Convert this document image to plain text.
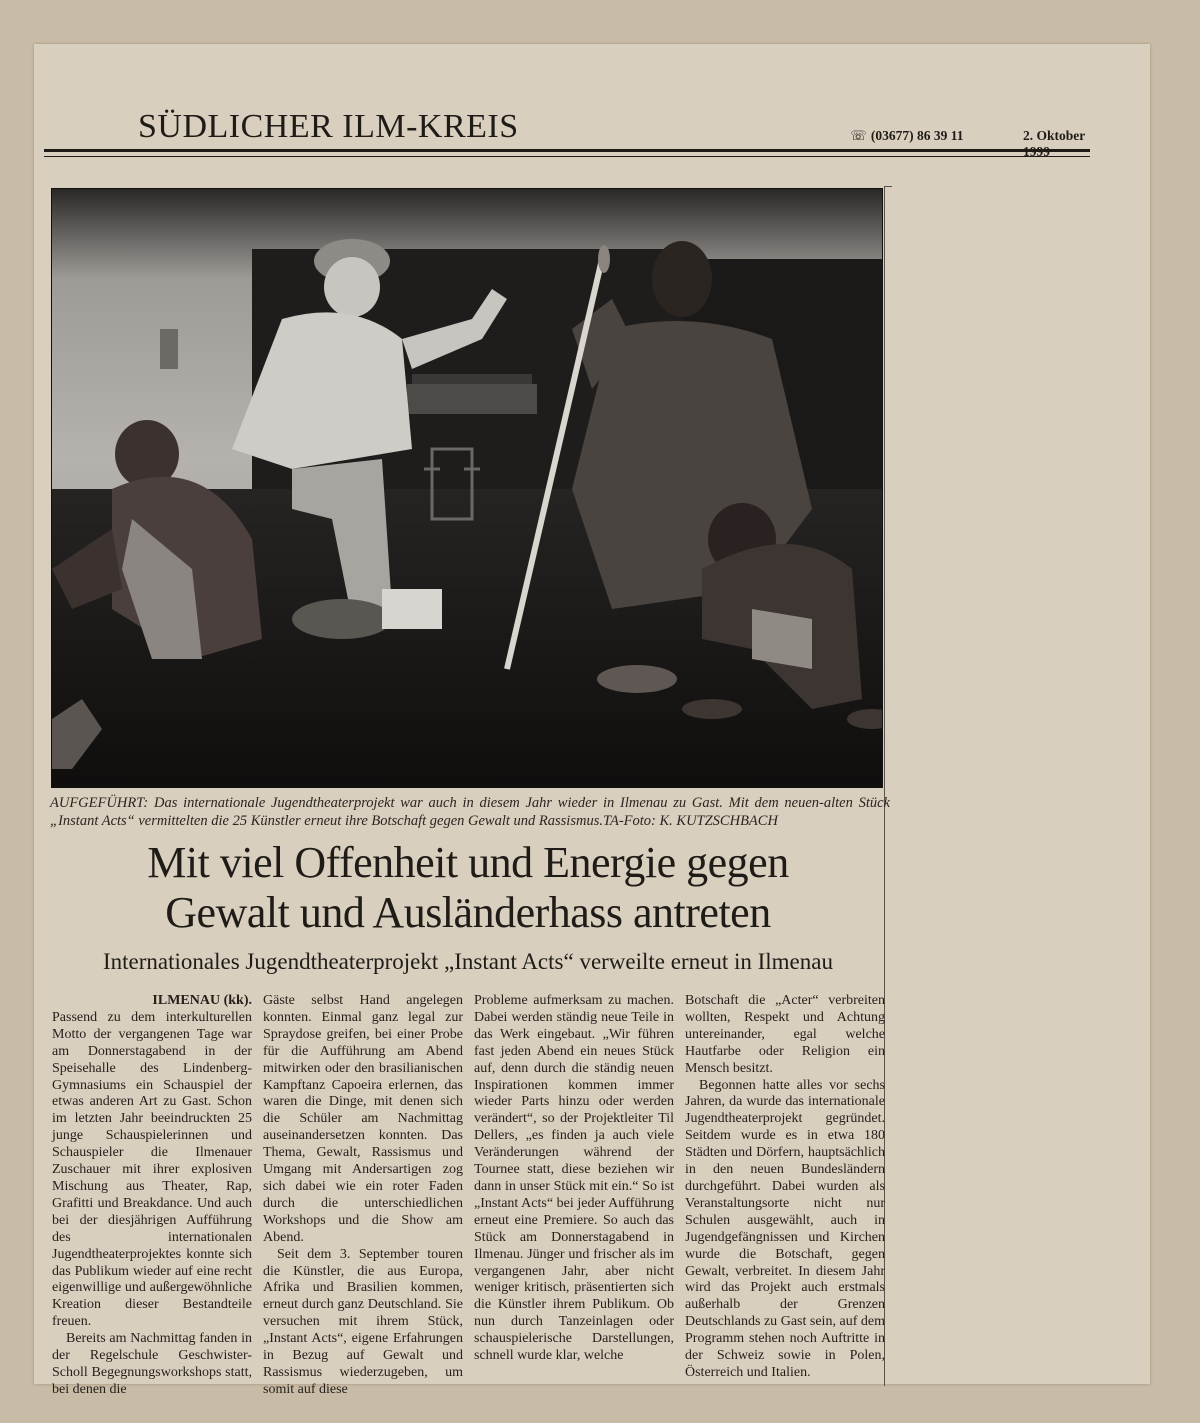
SÜDLICHER ILM-KREIS	☏ (03677) 86 39 11	2. Oktober
AUFGEFÜHRT: Das internationale Jugendtheaterprojekt war auch in diesem Jahr wieder in Ilmenau zu Gast. Mit dem neuen-alten Stück „Instant Acts“ vermittelten die 25 Künstler erneut ihre Botschaft gegen Gewalt und Rassismus.TA-Foto: K. KUTZSCHBACH
Mit viel Offenheit und Energie gegen
Gewalt und Ausländerhass antreten
Internationales Jugendtheaterprojekt „Instant Acts“ verweilte erneut in Ilmenau

ILMENAU (kk).

Passend zu dem interkulturellen Motto der vergangenen Tage war am Donnerstagabend in der Speisehalle des Lindenberg-Gymnasiums ein Schauspiel der etwas anderen Art zu Gast. Schon im letzten Jahr beeindruckten 25 junge Schauspielerinnen und Schauspieler die Ilmenauer Zuschauer mit ihrer explosiven Mischung aus Theater, Rap, Grafitti und Breakdance. Und auch bei der diesjährigen Aufführung des internationalen Jugendtheaterprojektes konnte sich das Publikum wieder auf eine recht eigenwillige und außergewöhnliche Kreation dieser Bestandteile freuen.

Bereits am Nachmittag fanden in der Regelschule Geschwister-Scholl Begegnungsworkshops statt, bei denen die

Gäste selbst Hand angelegen konnten. Einmal ganz legal zur Spraydose greifen, bei einer Probe für die Aufführung am Abend mitwirken oder den brasilianischen Kampftanz Capoeira erlernen, das waren die Dinge, mit denen sich die Schüler am Nachmittag auseinandersetzen konnten. Das Thema, Gewalt, Rassismus und Umgang mit Andersartigen zog sich dabei wie ein roter Faden durch die unterschiedlichen Workshops und die Show am Abend.

Seit dem 3. September touren die Künstler, die aus Europa, Afrika und Brasilien kommen, erneut durch ganz Deutschland. Sie versuchen mit ihrem Stück, „Instant Acts“, eigene Erfahrungen in Bezug auf Gewalt und Rassismus wiederzugeben, um somit auf diese

Probleme aufmerksam zu machen. Dabei werden ständig neue Teile in das Werk eingebaut. „Wir führen fast jeden Abend ein neues Stück auf, denn durch die ständig neuen Inspirationen kommen immer wieder Parts hinzu oder werden verändert“, so der Projektleiter Til Dellers, „es finden ja auch viele Veränderungen während der Tournee statt, diese beziehen wir dann in unser Stück mit ein.“ So ist „Instant Acts“ bei jeder Aufführung erneut eine Premiere. So auch das Stück am Donnerstagabend in Ilmenau. Jünger und frischer als im vergangenen Jahr, aber nicht weniger kritisch, präsentierten sich die Künstler ihrem Publikum. Ob nun durch Tanzeinlagen oder schauspielerische Darstellungen, schnell wurde klar, welche

Botschaft die „Acter“ verbreiten wollten, Respekt und Achtung untereinander, egal welche Hautfarbe oder Religion ein Mensch besitzt.

Begonnen hatte alles vor sechs Jahren, da wurde das internationale Jugendtheaterprojekt gegründet. Seitdem wurde es in etwa 180 Städten und Dörfern, hauptsächlich in den neuen Bundesländern durchgeführt. Dabei wurden als Veranstaltungsorte nicht nur Schulen ausgewählt, auch in Jugendgefängnissen und Kirchen wurde die Botschaft, gegen Gewalt, verbreitet. In diesem Jahr wird das Projekt auch erstmals außerhalb der Grenzen Deutschlands zu Gast sein, auf dem Programm stehen noch Auftritte in der Schweiz sowie in Polen, Österreich und Italien.
